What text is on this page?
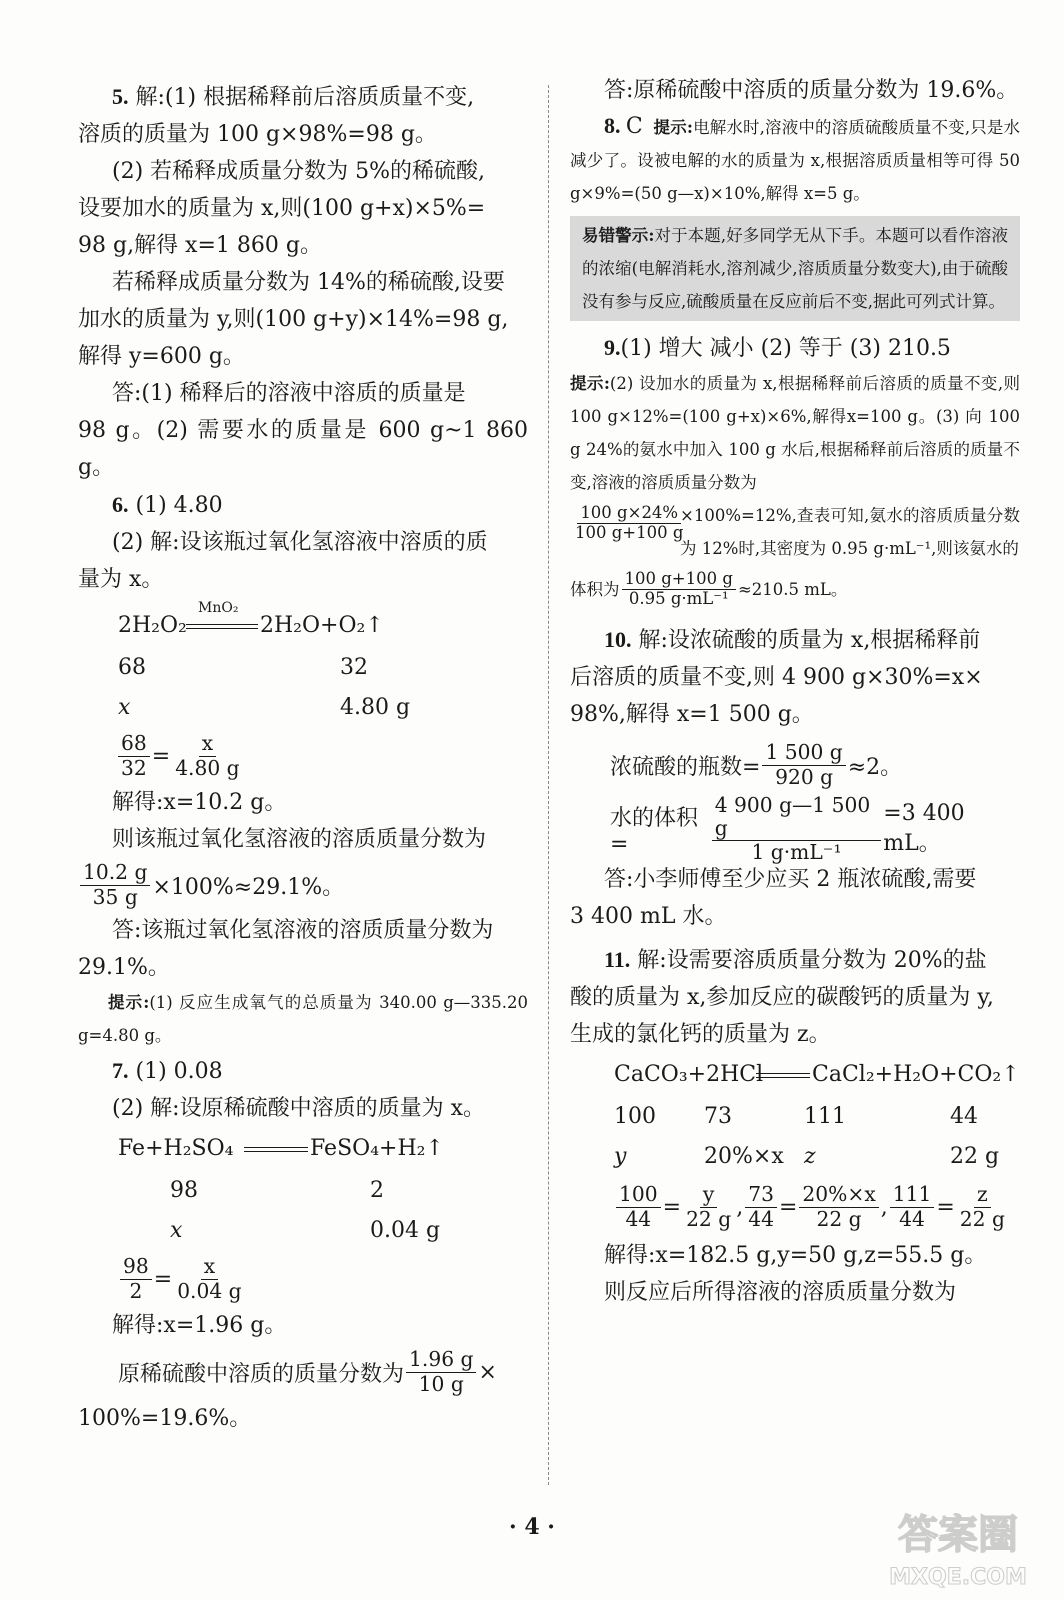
5. 解:(1) 根据稀释前后溶质质量不变,

溶质的质量为 100 g×98%=98 g。

(2) 若稀释成质量分数为 5%的稀硫酸,

设要加水的质量为 x,则(100 g+x)×5%=

98 g,解得 x=1 860 g。

若稀释成质量分数为 14%的稀硫酸,设要

加水的质量为 y,则(100 g+y)×14%=98 g,

解得 y=600 g。

答:(1) 稀释后的溶液中溶质的质量是

98 g。(2) 需要水的质量是 600 g~1 860 g。

6. (1) 4.80

(2) 解:设该瓶过氧化氢溶液中溶质的质

量为 x。

2H₂O₂
MnO₂
2H₂O+O₂↑
68	32
x	4.80 g
$\frac{68}{32} = \frac{x}{4.80 g}$

解得:x=10.2 g。

则该瓶过氧化氢溶液的溶质质量分数为

$\frac{10.2 g}{35 g} \times 100\%\approx 29.1\%$。

答:该瓶过氧化氢溶液的溶质质量分数为

29.1%。

提示:(1) 反应生成氧气的总质量为 340.00 g—335.20 g=4.80 g。

7. (1) 0.08

(2) 解:设原稀硫酸中溶质的质量为 x。

Fe+H₂SO₄	FeSO₄+H₂↑
98	2
x	0.04 g
$\frac{98}{2} = \frac{x}{0.04 g}$

解得:x=1.96 g。

原稀硫酸中溶质的质量分数为 $\frac{1.96 g}{10 g}$ ×

100%=19.6%。

答:原稀硫酸中溶质的质量分数为 19.6%。

8. C 提示:电解水时,溶液中的溶质硫酸质量不变,只是水减少了。设被电解的水的质量为 x,根据溶质质量相等可得 50 g×9%=(50 g—x)×10%,解得 x=5 g。

易错警示:对于本题,好多同学无从下手。本题可以看作溶液的浓缩(电解消耗水,溶剂减少,溶质质量分数变大),由于硫酸没有参与反应,硫酸质量在反应前后不变,据此可列式计算。

9.(1) 增大 减小 (2) 等于 (3) 210.5

提示:(2) 设加水的质量为 x,根据稀释前后溶质的质量不变,则 100 g×12%=(100 g+x)×6%,解得x=100 g。(3) 向 100 g 24%的氨水中加入 100 g 水后,根据稀释前后溶质的质量不变,溶液的溶质质量分数为

$\frac{100 g\times 24\%}{100 g+100 g}$

×100%=12%,查表可知,氨水的溶质质量分数为 12%时,其密度为 0.95 g·mL⁻¹,则该氨水的

体积为 $\frac{100 g+100 g}{\text{0.95 g·mL⁻¹}} \approx 210.5$ mL。

10. 解:设浓硫酸的质量为 x,根据稀释前

后溶质的质量不变,则 4 900 g×30%=x×

98%,解得 x=1 500 g。

浓硫酸的瓶数= $\frac{1 500 g}{920 g} \approx 2$。
水的体积=	$\frac{4 900 g—1 500 g}{\text{1 g·mL⁻¹}} =3$ 400 mL。

答:小李师傅至少应买 2 瓶浓硫酸,需要

3 400 mL 水。

11. 解:设需要溶质质量分数为 20%的盐

酸的质量为 x,参加反应的碳酸钙的质量为 y,

生成的氯化钙的质量为 z。

CaCO₃+2HCl CaCl₂+H₂O+CO₂↑
100 73	111	44
y	20%×x z	22 g
$\frac{100}{44} = \frac{y}{22 g}$ , $\frac{73}{44} = \frac{20\%\times x}{22 g}$ , $\frac{111}{44} = \frac{z}{22 g}$

解得:x=182.5 g,y=50 g,z=55.5 g。

则反应后所得溶液的溶质质量分数为

· 4 ·	答案圈
MXQE.COM
